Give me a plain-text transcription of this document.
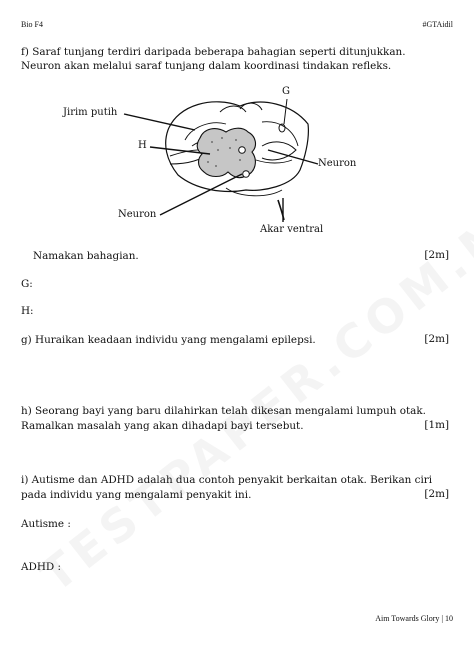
Bio F4	#GTAidil
f) Saraf tunjang terdiri daripada beberapa bahagian seperti ditunjukkan.
Neuron akan melalui saraf tunjang dalam koordinasi tindakan refleks.
G
Jirim putih
H
Neuron
Neuron
Akar ventral
Namakan bahagian.	[2m]
G:
H:
g) Huraikan keadaan individu yang mengalami epilepsi.	[2m]
h) Seorang bayi yang baru dilahirkan telah dikesan mengalami lumpuh otak.
Ramalkan masalah yang akan dihadapi bayi tersebut.	[1m]
i) Autisme dan ADHD adalah dua contoh penyakit berkaitan otak. Berikan ciri
pada individu yang mengalami penyakit ini.	[2m]
Autisme :
ADHD :
Aim Towards Glory | 10
